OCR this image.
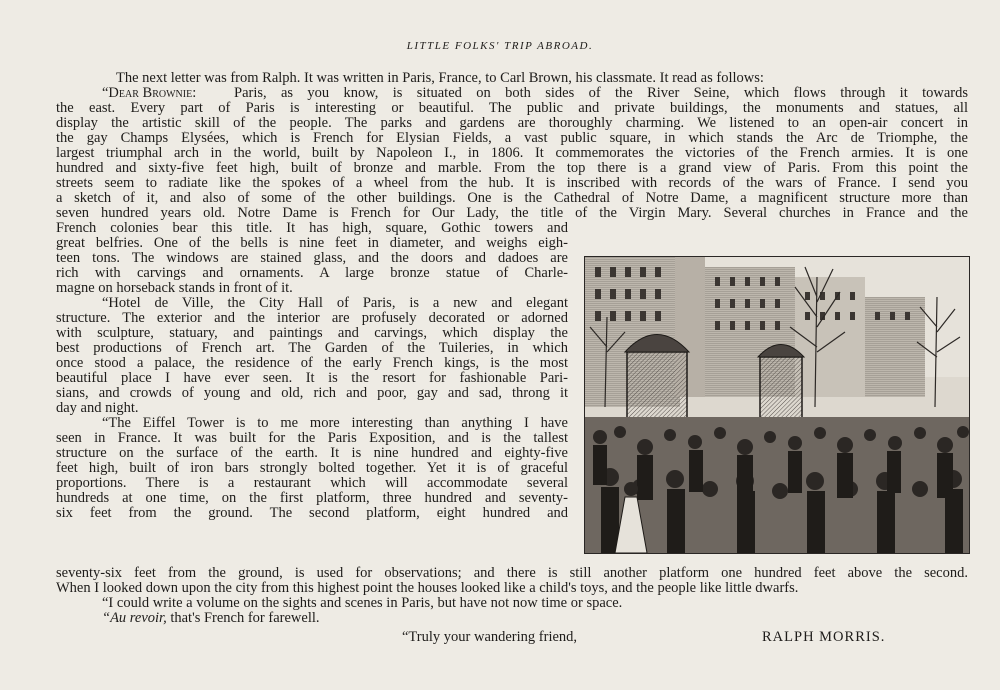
LITTLE FOLKS' TRIP ABROAD.
The next letter was from Ralph. It was written in Paris, France, to Carl Brown, his classmate. It read as follows:
“Dear Brownie:	Paris, as you know, is situated on both sides of the River Seine, which flows through it towards
the east. Every part of Paris is interesting or beautiful. The public and private buildings, the monuments and statues, all
display the artistic skill of the people. The parks and gardens are thoroughly charming. We listened to an open-air concert in
the gay Champs Élysées, which is French for Elysian Fields, a vast public square, in which stands the Arc de Triomphe, the
largest triumphal arch in the world, built by Napoleon I., in 1806. It commemorates the victories of the French armies. It is one
hundred and sixty-five feet high, built of bronze and marble. From the top there is a grand view of Paris. From this point the
streets seem to radiate like the spokes of a wheel from the hub. It is inscribed with records of the wars of France. I send you
a sketch of it, and also of some of the other buildings. One is the Cathedral of Notre Dame, a magnificent structure more than
seven hundred years old. Notre Dame is French for Our Lady, the title of the Virgin Mary. Several churches in France and the
French colonies bear this title. It has high, square, Gothic towers and
great belfries. One of the bells is nine feet in diameter, and weighs eigh-
teen tons. The windows are stained glass, and the doors and dadoes are
rich with carvings and ornaments. A large bronze statue of Charle-
magne on horseback stands in front of it.
“Hotel de Ville, the City Hall of Paris, is a new and elegant
structure. The exterior and the interior are profusely decorated or adorned
with sculpture, statuary, and paintings and carvings, which display the
best productions of French art. The Garden of the Tuileries, in which
once stood a palace, the residence of the early French kings, is the most
beautiful place I have ever seen. It is the resort for fashionable Pari-
sians, and crowds of young and old, rich and poor, gay and sad, throng it
day and night.
“The Eiffel Tower is to me more interesting than anything I have
seen in France. It was built for the Paris Exposition, and is the tallest
structure on the surface of the earth. It is nine hundred and eighty-five
feet high, built of iron bars strongly bolted together. Yet it is of graceful
proportions. There is a restaurant which will accommodate several
hundreds at one time, on the first platform, three hundred and seventy-
six feet from the ground. The second platform, eight hundred and
seventy-six feet from the ground, is used for observations; and there is still another platform one hundred feet above the second.
When I looked down upon the city from this highest point the houses looked like a child's toys, and the people like little dwarfs.
“I could write a volume on the sights and scenes in Paris, but have not now time or space.
“Au revoir, that's French for farewell.
“Truly your wandering friend,	RALPH MORRIS.
